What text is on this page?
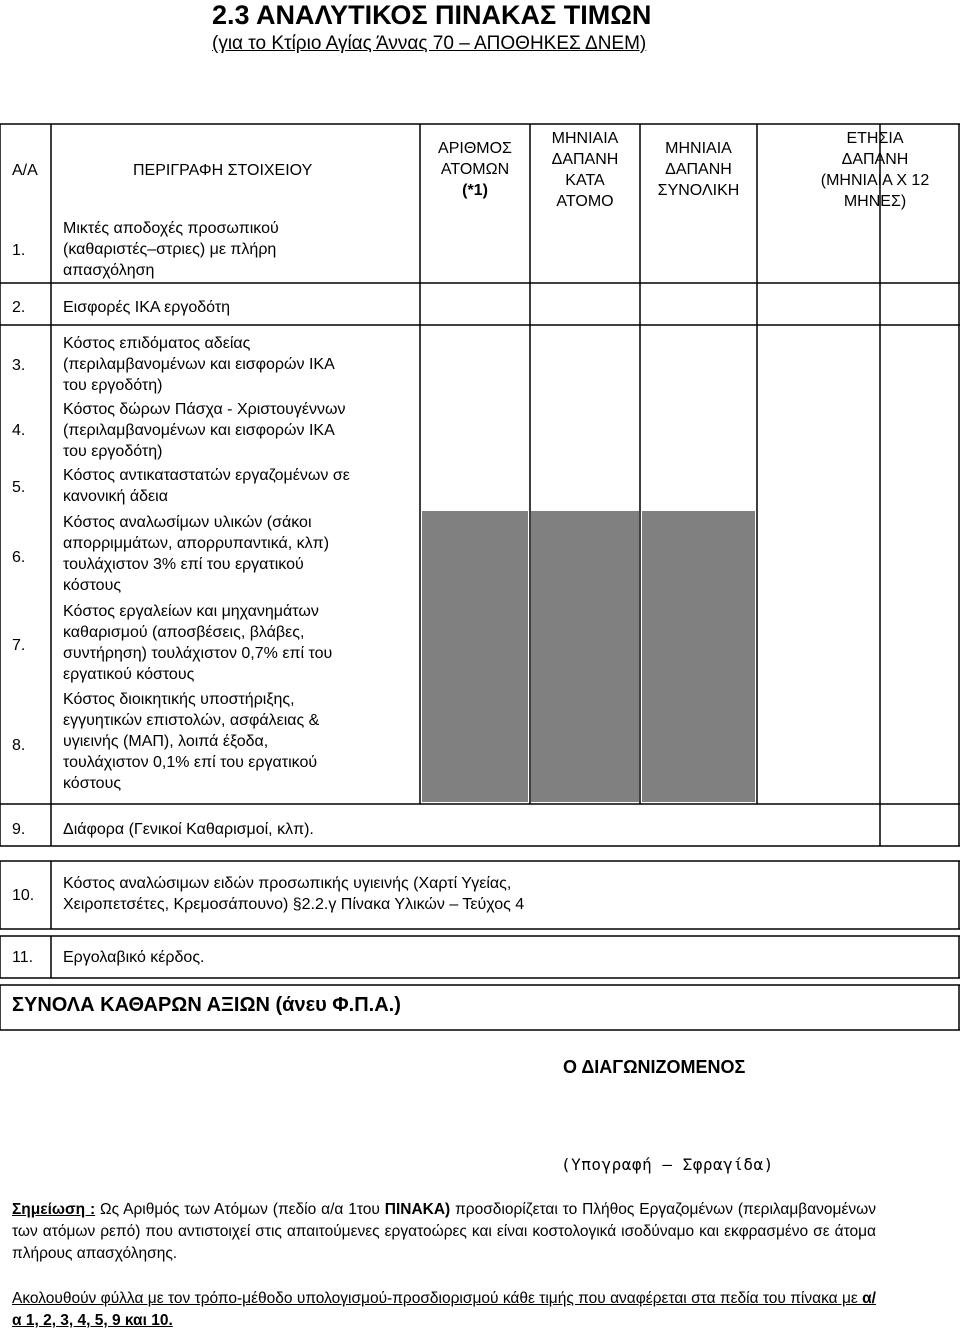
2.3 ΑΝΑΛΥΤΙΚΟΣ ΠΙΝΑΚΑΣ ΤΙΜΩΝ
(για το Κτίριο Αγίας Άννας 70 – ΑΠΟΘΗΚΕΣ ΔΝΕΜ)
Α/Α	ΠΕΡΙΓΡΑΦΗ ΣΤΟΙΧΕΙΟΥ
ΑΡΙΘΜΟΣ
ΑΤΟΜΩΝ
(*1)
ΜΗΝΙΑΙΑ
ΔΑΠΑΝΗ
ΚΑΤΑ
ΑΤΟΜΟ
ΜΗΝΙΑΙΑ
ΔΑΠΑΝΗ
ΣΥΝΟΛΙΚΗ
ΕΤΗΣΙΑ
ΔΑΠΑΝΗ
(ΜΗΝΙΑΙΑ Χ 12
ΜΗΝΕΣ)
1.
Μικτές αποδοχές προσωπικού
(καθαριστές–στριες) με πλήρη
απασχόληση
2. Εισφορές ΙΚΑ εργοδότη
3.
Κόστος επιδόματος αδείας
(περιλαμβανομένων και εισφορών ΙΚΑ
του εργοδότη)
4.
Κόστος δώρων Πάσχα - Χριστουγέννων
(περιλαμβανομένων και εισφορών ΙΚΑ
του εργοδότη)
5.
Κόστος αντικαταστατών εργαζομένων σε
κανονική άδεια
6.
Κόστος αναλωσίμων υλικών (σάκοι
απορριμμάτων, απορρυπαντικά, κλπ)
τουλάχιστον 3% επί του εργατικού
κόστους
7.
Κόστος εργαλείων και μηχανημάτων
καθαρισμού (αποσβέσεις, βλάβες,
συντήρηση) τουλάχιστον 0,7% επί του
εργατικού κόστους
8.
Κόστος διοικητικής υποστήριξης,
εγγυητικών επιστολών, ασφάλειας &
υγιεινής (ΜΑΠ), λοιπά έξοδα,
τουλάχιστον 0,1% επί του εργατικού
κόστους
9. Διάφορα (Γενικοί Καθαρισμοί, κλπ).
10.
Κόστος αναλώσιμων ειδών προσωπικής υγιεινής (Χαρτί Υγείας,
Χειροπετσέτες, Κρεμοσάπουνο) §2.2.γ Πίνακα Υλικών – Τεύχος 4
11. Εργολαβικό κέρδος.
ΣΥΝΟΛΑ ΚΑΘΑΡΩΝ ΑΞΙΩΝ (άνευ Φ.Π.Α.)
Ο ΔΙΑΓΩΝΙΖΟΜΕΝΟΣ
(Υπογραφή – Σφραγίδα)
Σημείωση : Ως Αριθμός των Ατόμων (πεδίο α/α 1του ΠΙΝΑΚΑ) προσδιορίζεται το Πλήθος Εργαζομένων (περιλαμβανομένων των ατόμων ρεπό) που αντιστοιχεί στις απαιτούμενες εργατοώρες και είναι κοστολογικά ισοδύναμο και εκφρασμένο σε άτομα πλήρους απασχόλησης.
Ακολουθούν φύλλα με τον τρόπο-μέθοδο υπολογισμού-προσδιορισμού κάθε τιμής που αναφέρεται στα πεδία του πίνακα με α/α 1, 2, 3, 4, 5, 9 και 10.
